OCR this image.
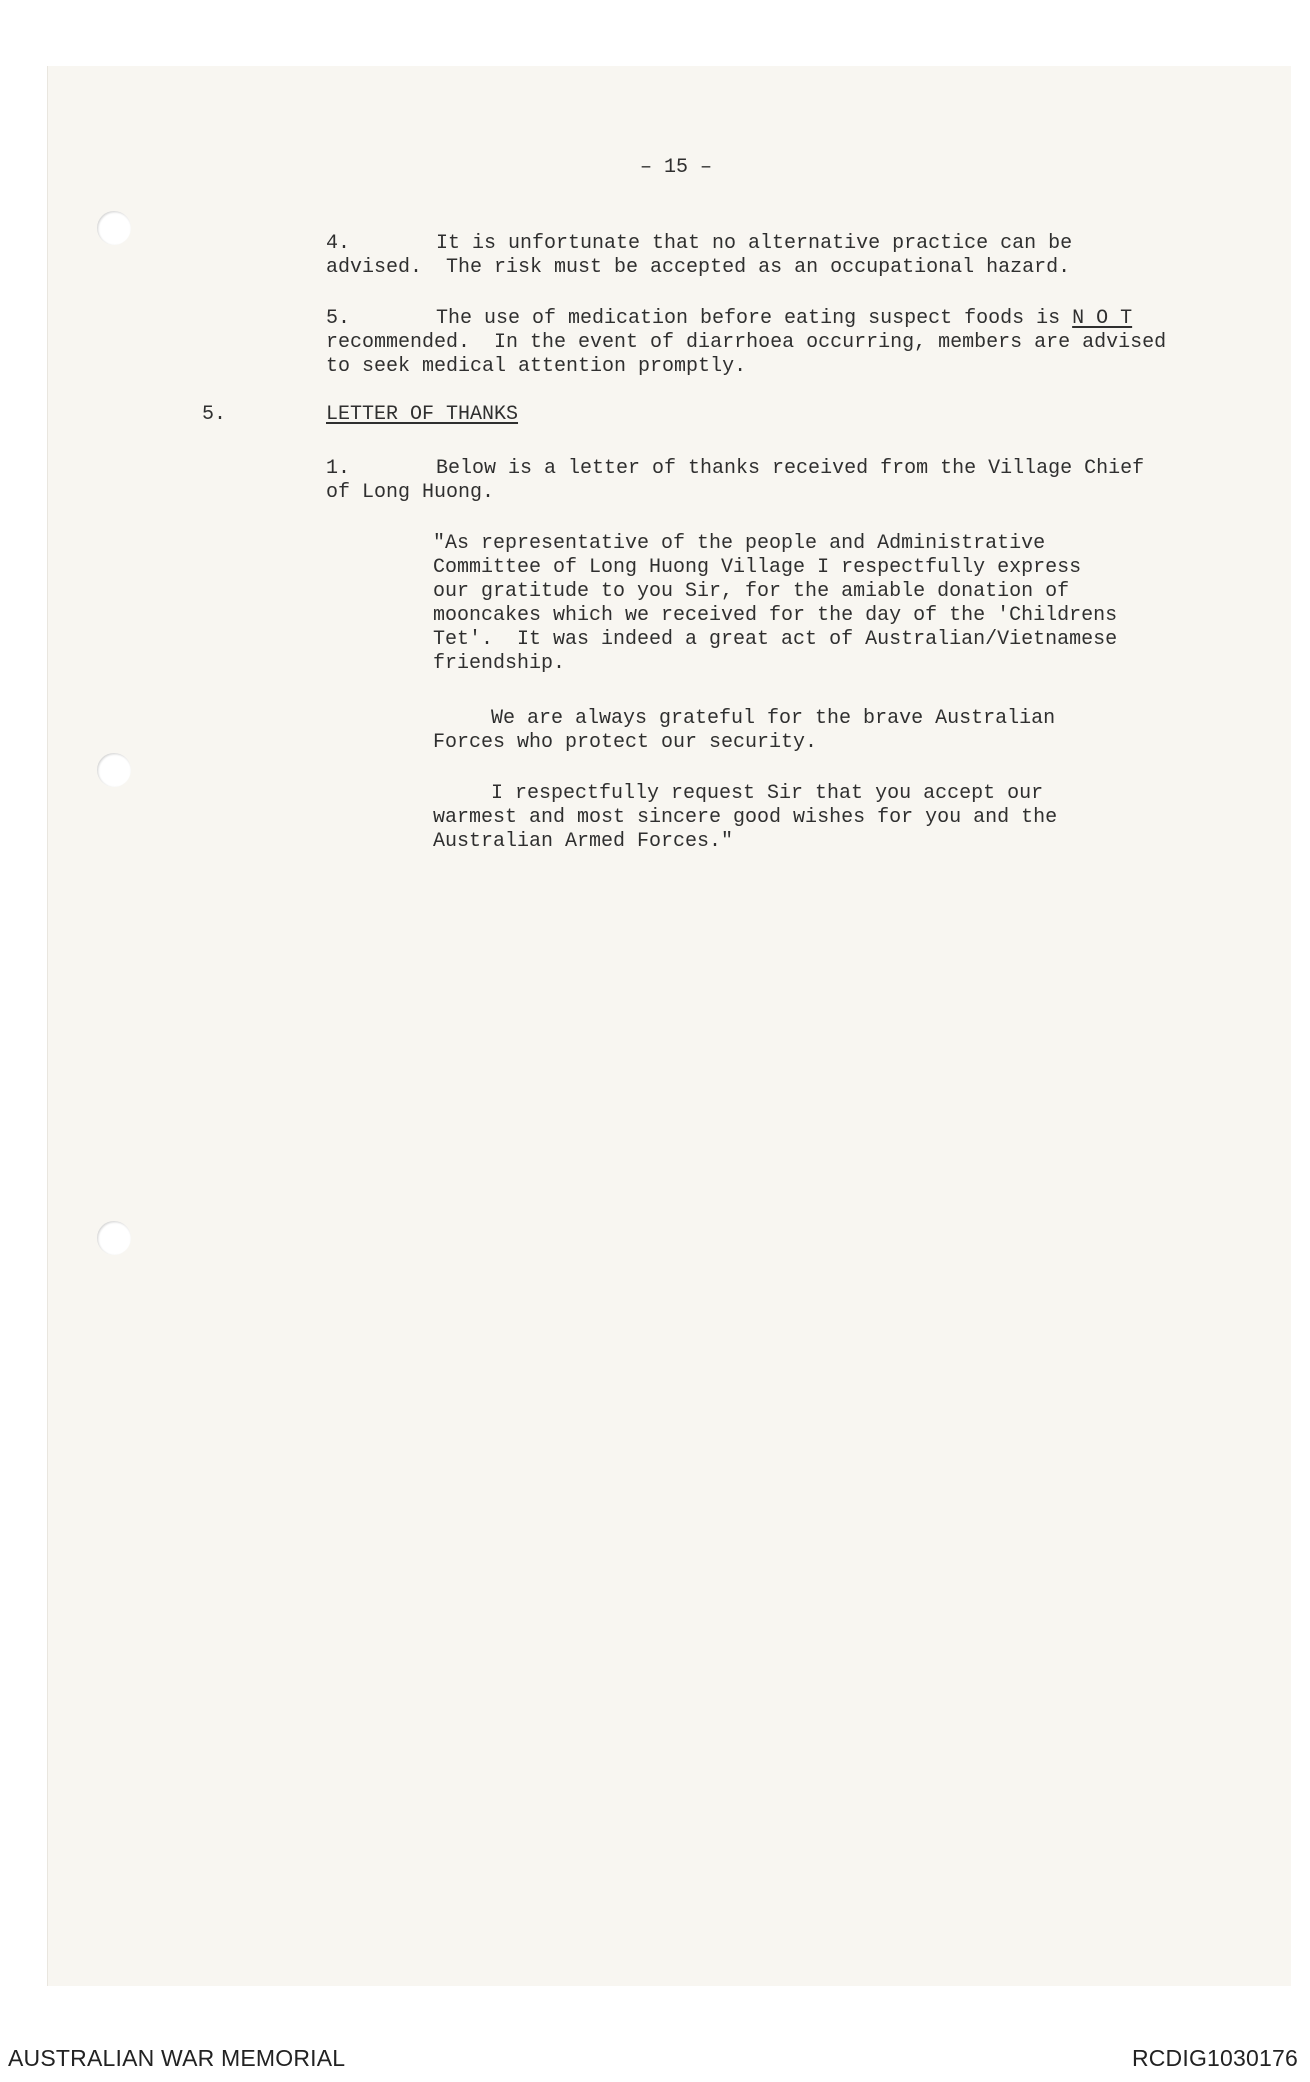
– 15 –
4.	It is unfortunate that no alternative practice can be
advised.  The risk must be accepted as an occupational hazard.
5.	The use of medication before eating suspect foods is N O T
recommended.  In the event of diarrhoea occurring, members are advised
to seek medical attention promptly.
5.	LETTER OF THANKS
1.	Below is a letter of thanks received from the Village Chief
of Long Huong.
"As representative of the people and Administrative
Committee of Long Huong Village I respectfully express
our gratitude to you Sir, for the amiable donation of
mooncakes which we received for the day of the 'Childrens
Tet'.  It was indeed a great act of Australian/Vietnamese
friendship.
We are always grateful for the brave Australian
Forces who protect our security.
I respectfully request Sir that you accept our
warmest and most sincere good wishes for you and the
Australian Armed Forces."
AUSTRALIAN WAR MEMORIAL	RCDIG1030176
